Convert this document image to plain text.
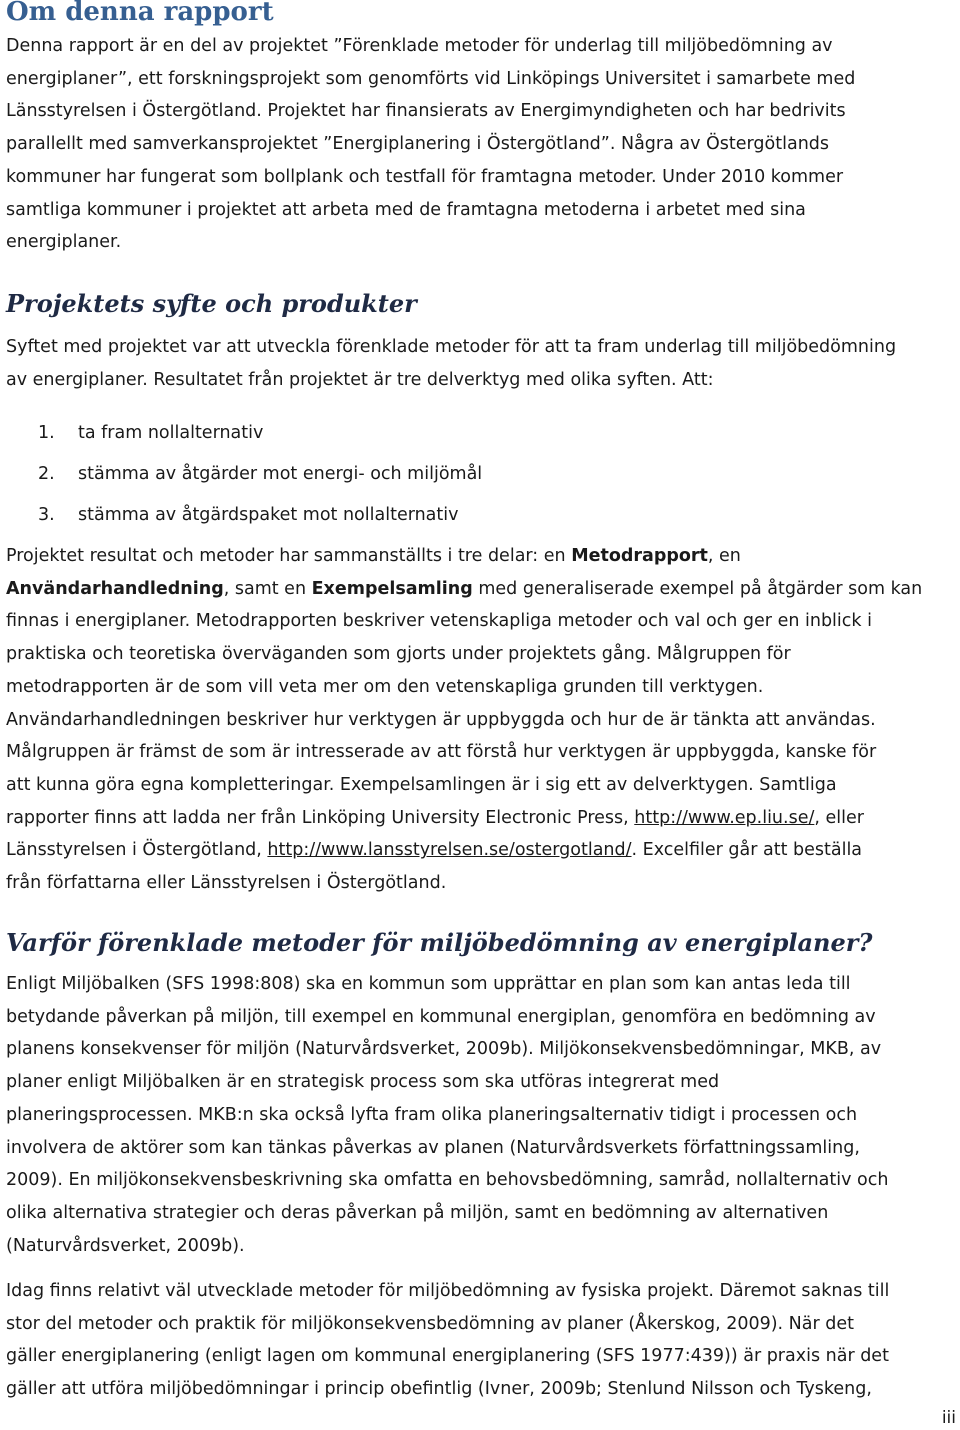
Om denna rapport
Denna rapport är en del av projektet ”Förenklade metoder för underlag till miljöbedömning av
energiplaner”, ett forskningsprojekt som genomförts vid Linköpings Universitet i samarbete med
Länsstyrelsen i Östergötland. Projektet har finansierats av Energimyndigheten och har bedrivits
parallellt med samverkansprojektet ”Energiplanering i Östergötland”. Några av Östergötlands
kommuner har fungerat som bollplank och testfall för framtagna metoder. Under 2010 kommer
samtliga kommuner i projektet att arbeta med de framtagna metoderna i arbetet med sina
energiplaner.
Projektets syfte och produkter
Syftet med projektet var att utveckla förenklade metoder för att ta fram underlag till miljöbedömning
av energiplaner. Resultatet från projektet är tre delverktyg med olika syften. Att:
1. ta fram nollalternativ
2. stämma av åtgärder mot energi- och miljömål
3. stämma av åtgärdspaket mot nollalternativ
Projektet resultat och metoder har sammanställts i tre delar: en Metodrapport, en
Användarhandledning, samt en Exempelsamling med generaliserade exempel på åtgärder som kan
finnas i energiplaner. Metodrapporten beskriver vetenskapliga metoder och val och ger en inblick i
praktiska och teoretiska överväganden som gjorts under projektets gång. Målgruppen för
metodrapporten är de som vill veta mer om den vetenskapliga grunden till verktygen.
Användarhandledningen beskriver hur verktygen är uppbyggda och hur de är tänkta att användas.
Målgruppen är främst de som är intresserade av att förstå hur verktygen är uppbyggda, kanske för
att kunna göra egna kompletteringar. Exempelsamlingen är i sig ett av delverktygen. Samtliga
rapporter finns att ladda ner från Linköping University Electronic Press, http://www.ep.liu.se/, eller
Länsstyrelsen i Östergötland, http://www.lansstyrelsen.se/ostergotland/. Excelfiler går att beställa
från författarna eller Länsstyrelsen i Östergötland.
Varför förenklade metoder för miljöbedömning av energiplaner?
Enligt Miljöbalken (SFS 1998:808) ska en kommun som upprättar en plan som kan antas leda till
betydande påverkan på miljön, till exempel en kommunal energiplan, genomföra en bedömning av
planens konsekvenser för miljön (Naturvårdsverket, 2009b). Miljökonsekvensbedömningar, MKB, av
planer enligt Miljöbalken är en strategisk process som ska utföras integrerat med
planeringsprocessen. MKB:n ska också lyfta fram olika planeringsalternativ tidigt i processen och
involvera de aktörer som kan tänkas påverkas av planen (Naturvårdsverkets författningssamling,
2009). En miljökonsekvensbeskrivning ska omfatta en behovsbedömning, samråd, nollalternativ och
olika alternativa strategier och deras påverkan på miljön, samt en bedömning av alternativen
(Naturvårdsverket, 2009b).
Idag finns relativt väl utvecklade metoder för miljöbedömning av fysiska projekt. Däremot saknas till
stor del metoder och praktik för miljökonsekvensbedömning av planer (Åkerskog, 2009). När det
gäller energiplanering (enligt lagen om kommunal energiplanering (SFS 1977:439)) är praxis när det
gäller att utföra miljöbedömningar i princip obefintlig (Ivner, 2009b; Stenlund Nilsson och Tyskeng,
iii
